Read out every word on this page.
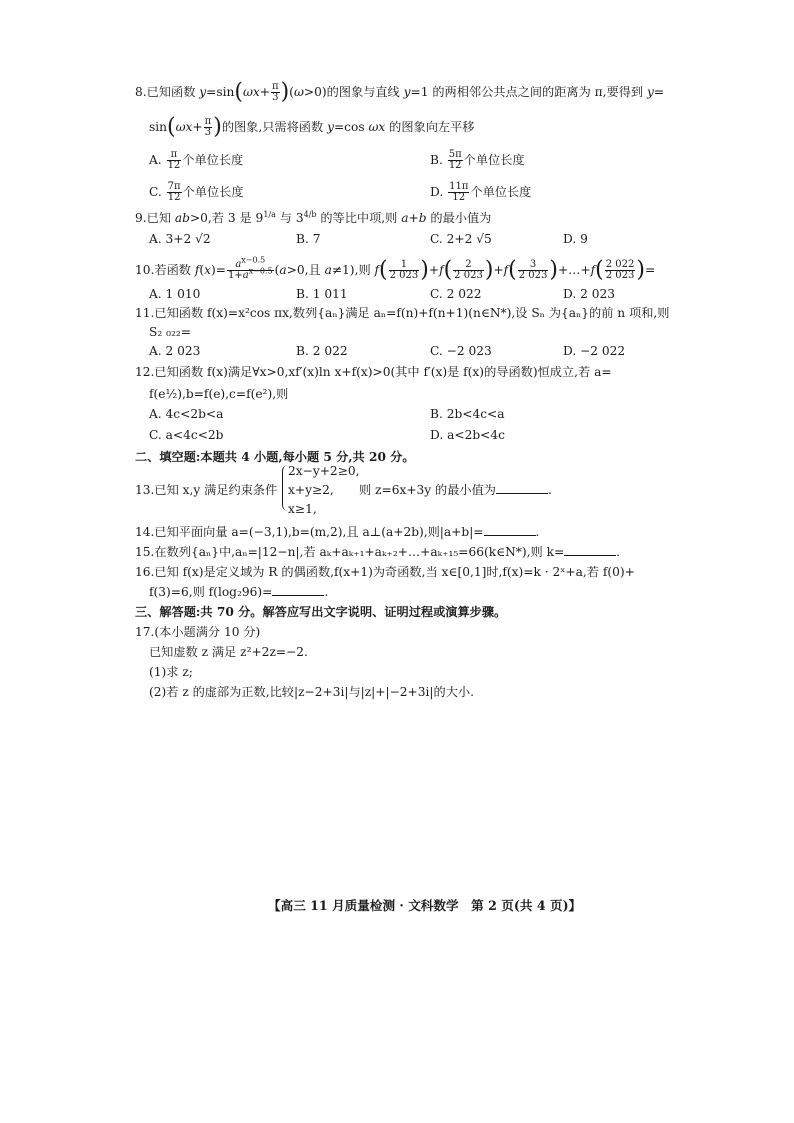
8.已知函数 $y=\sin(\omega x+ \frac{\pi}{3} )(\omega>0)$的图象与直线 y=1 的两相邻公共点之间的距离为 π,要得到 y=
$\sin(\omega x+ \frac{\pi}{3}$ )的图象,只需将函数 y=cos ωx 的图象向左平移
A. $\frac{\pi}{12}$ 个单位长度	B. $\frac{5\pi}{12}$ 个单位长度
C. $\frac{7\pi}{12}$ 个单位长度	D. $\frac{11\pi}{12}$ 个单位长度
9.已知 ab>0,若 3 是 $9^{1/a}$ 与 $3^{4/b}$ 的等比中项,则 a+b 的最小值为
A. 3+2 √2	B. 7	C. 2+2 √5	D. 9
10.若函数 $f(x)= \frac{a^{x-0.5}}{1+a^{x-0.5}} (a>0$,且 a≠1),则 $f( \frac{1}{2 023} )+f( \frac{2}{2 023} )+f( \frac{3}{2 023}$ )+…+f( $\frac{2 022}{2 023}$ )=
A. 1 010	B. 1 011	C. 2 022	D. 2 023
11.已知函数 f(x)=x²cos πx,数列{aₙ}满足 aₙ=f(n)+f(n+1)(n∈N*),设 Sₙ 为{aₙ}的前 n 项和,则
S₂ ₀₂₂=
A. 2 023	B. 2 022	C. −2 023	D. −2 022
12.已知函数 f(x)满足∀x>0,xf′(x)ln x+f(x)>0(其中 f′(x)是 f(x)的导函数)恒成立,若 a=
f(e½),b=f(e),c=f(e²),则
A. 4c<2b<a	B. 2b<4c<a
C. a<4c<2b	D. a<2b<4c
二、填空题:本题共 4 小题,每小题 5 分,共 20 分。
13.已知 x,y 满足约束条件
2x−y+2≥0,
x+y≥2,
x≥1,
则 z=6x+3y 的最小值为	.
14.已知平面向量 a=(−3,1),b=(m,2),且 a⊥(a+2b),则|a+b|=	.
15.在数列{aₙ}中,aₙ=|12−n|,若 aₖ+aₖ₊₁+aₖ₊₂+…+aₖ₊₁₅=66(k∈N*),则 k=	.
16.已知 f(x)是定义域为 R 的偶函数,f(x+1)为奇函数,当 x∈[0,1]时,f(x)=k · 2ˣ+a,若 f(0)+
f(3)=6,则 f(log₂96)=	.
三、解答题:共 70 分。解答应写出文字说明、证明过程或演算步骤。
17.(本小题满分 10 分)
已知虚数 z 满足 z²+2z=−2.
(1)求 z;
(2)若 z 的虚部为正数,比较|z−2+3i|与|z|+|−2+3i|的大小.
【高三 11 月质量检测 · 文科数学　第 2 页(共 4 页)】
